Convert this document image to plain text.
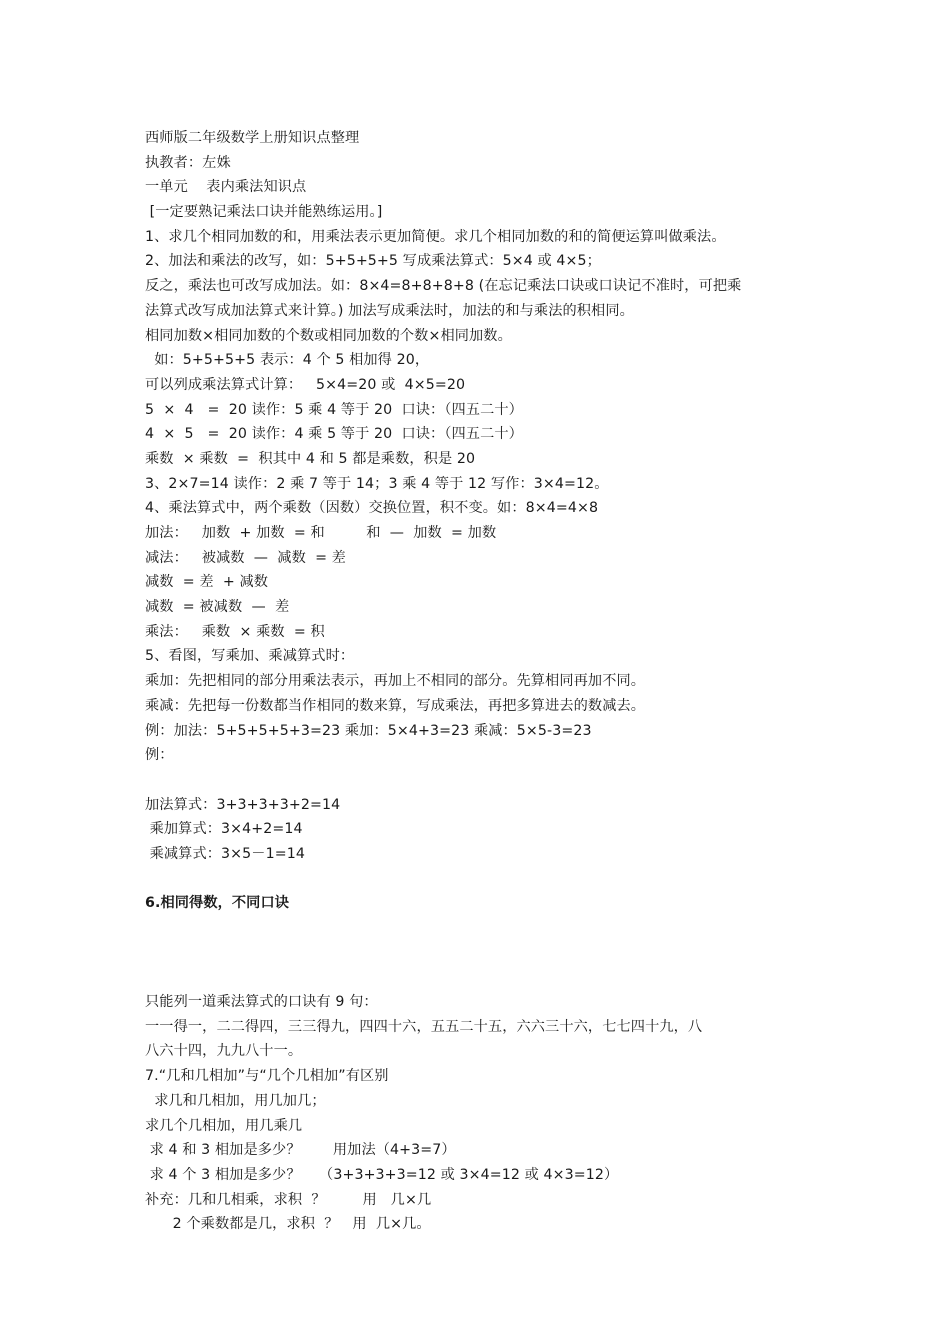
西师版二年级数学上册知识点整理
执教者：左姝
一单元    表内乘法知识点
[一定要熟记乘法口诀并能熟练运用。]
1、求几个相同加数的和，用乘法表示更加简便。求几个相同加数的和的简便运算叫做乘法。
2、加法和乘法的改写，如：5+5+5+5 写成乘法算式：5×4 或 4×5；
反之，乘法也可改写成加法。如：8×4=8+8+8+8 (在忘记乘法口诀或口诀记不准时，可把乘
法算式改写成加法算式来计算。) 加法写成乘法时，加法的和与乘法的积相同。
相同加数×相同加数的个数或相同加数的个数×相同加数。
如：5+5+5+5 表示：4 个 5 相加得 20，
可以列成乘法算式计算：   5×4=20 或  4×5=20
5  ×  4   =  20 读作：5 乘 4 等于 20  口诀：（四五二十）
4  ×  5   =  20 读作：4 乘 5 等于 20  口诀：（四五二十）
乘数  × 乘数  =  积其中 4 和 5 都是乘数，积是 20
3、2×7=14 读作：2 乘 7 等于 14；3 乘 4 等于 12 写作：3×4=12。
4、乘法算式中，两个乘数（因数）交换位置，积不变。如：8×4=4×8
加法：   加数  + 加数  = 和         和  —  加数  = 加数
减法：   被减数  —  减数  = 差
减数  = 差  + 减数
减数  = 被减数  —  差
乘法：   乘数  × 乘数  = 积
5、看图，写乘加、乘减算式时：
乘加：先把相同的部分用乘法表示，再加上不相同的部分。先算相同再加不同。
乘减：先把每一份数都当作相同的数来算，写成乘法，再把多算进去的数减去。
例：加法：5+5+5+5+3=23 乘加：5×4+3=23 乘减：5×5-3=23
例：
加法算式：3+3+3+3+2=14
乘加算式：3×4+2=14
乘减算式：3×5－1=14
6.相同得数，不同口诀
只能列一道乘法算式的口诀有 9 句：
一一得一，二二得四，三三得九，四四十六，五五二十五，六六三十六，七七四十九，八
八六十四，九九八十一。
7.“几和几相加”与“几个几相加”有区别
求几和几相加，用几加几；
求几个几相加，用几乘几
求 4 和 3 相加是多少？       用加法（4+3=7）
求 4 个 3 相加是多少？    （3+3+3+3=12 或 3×4=12 或 4×3=12）
补充：几和几相乘，求积  ？        用   几×几
2 个乘数都是几，求积  ？   用  几×几。
